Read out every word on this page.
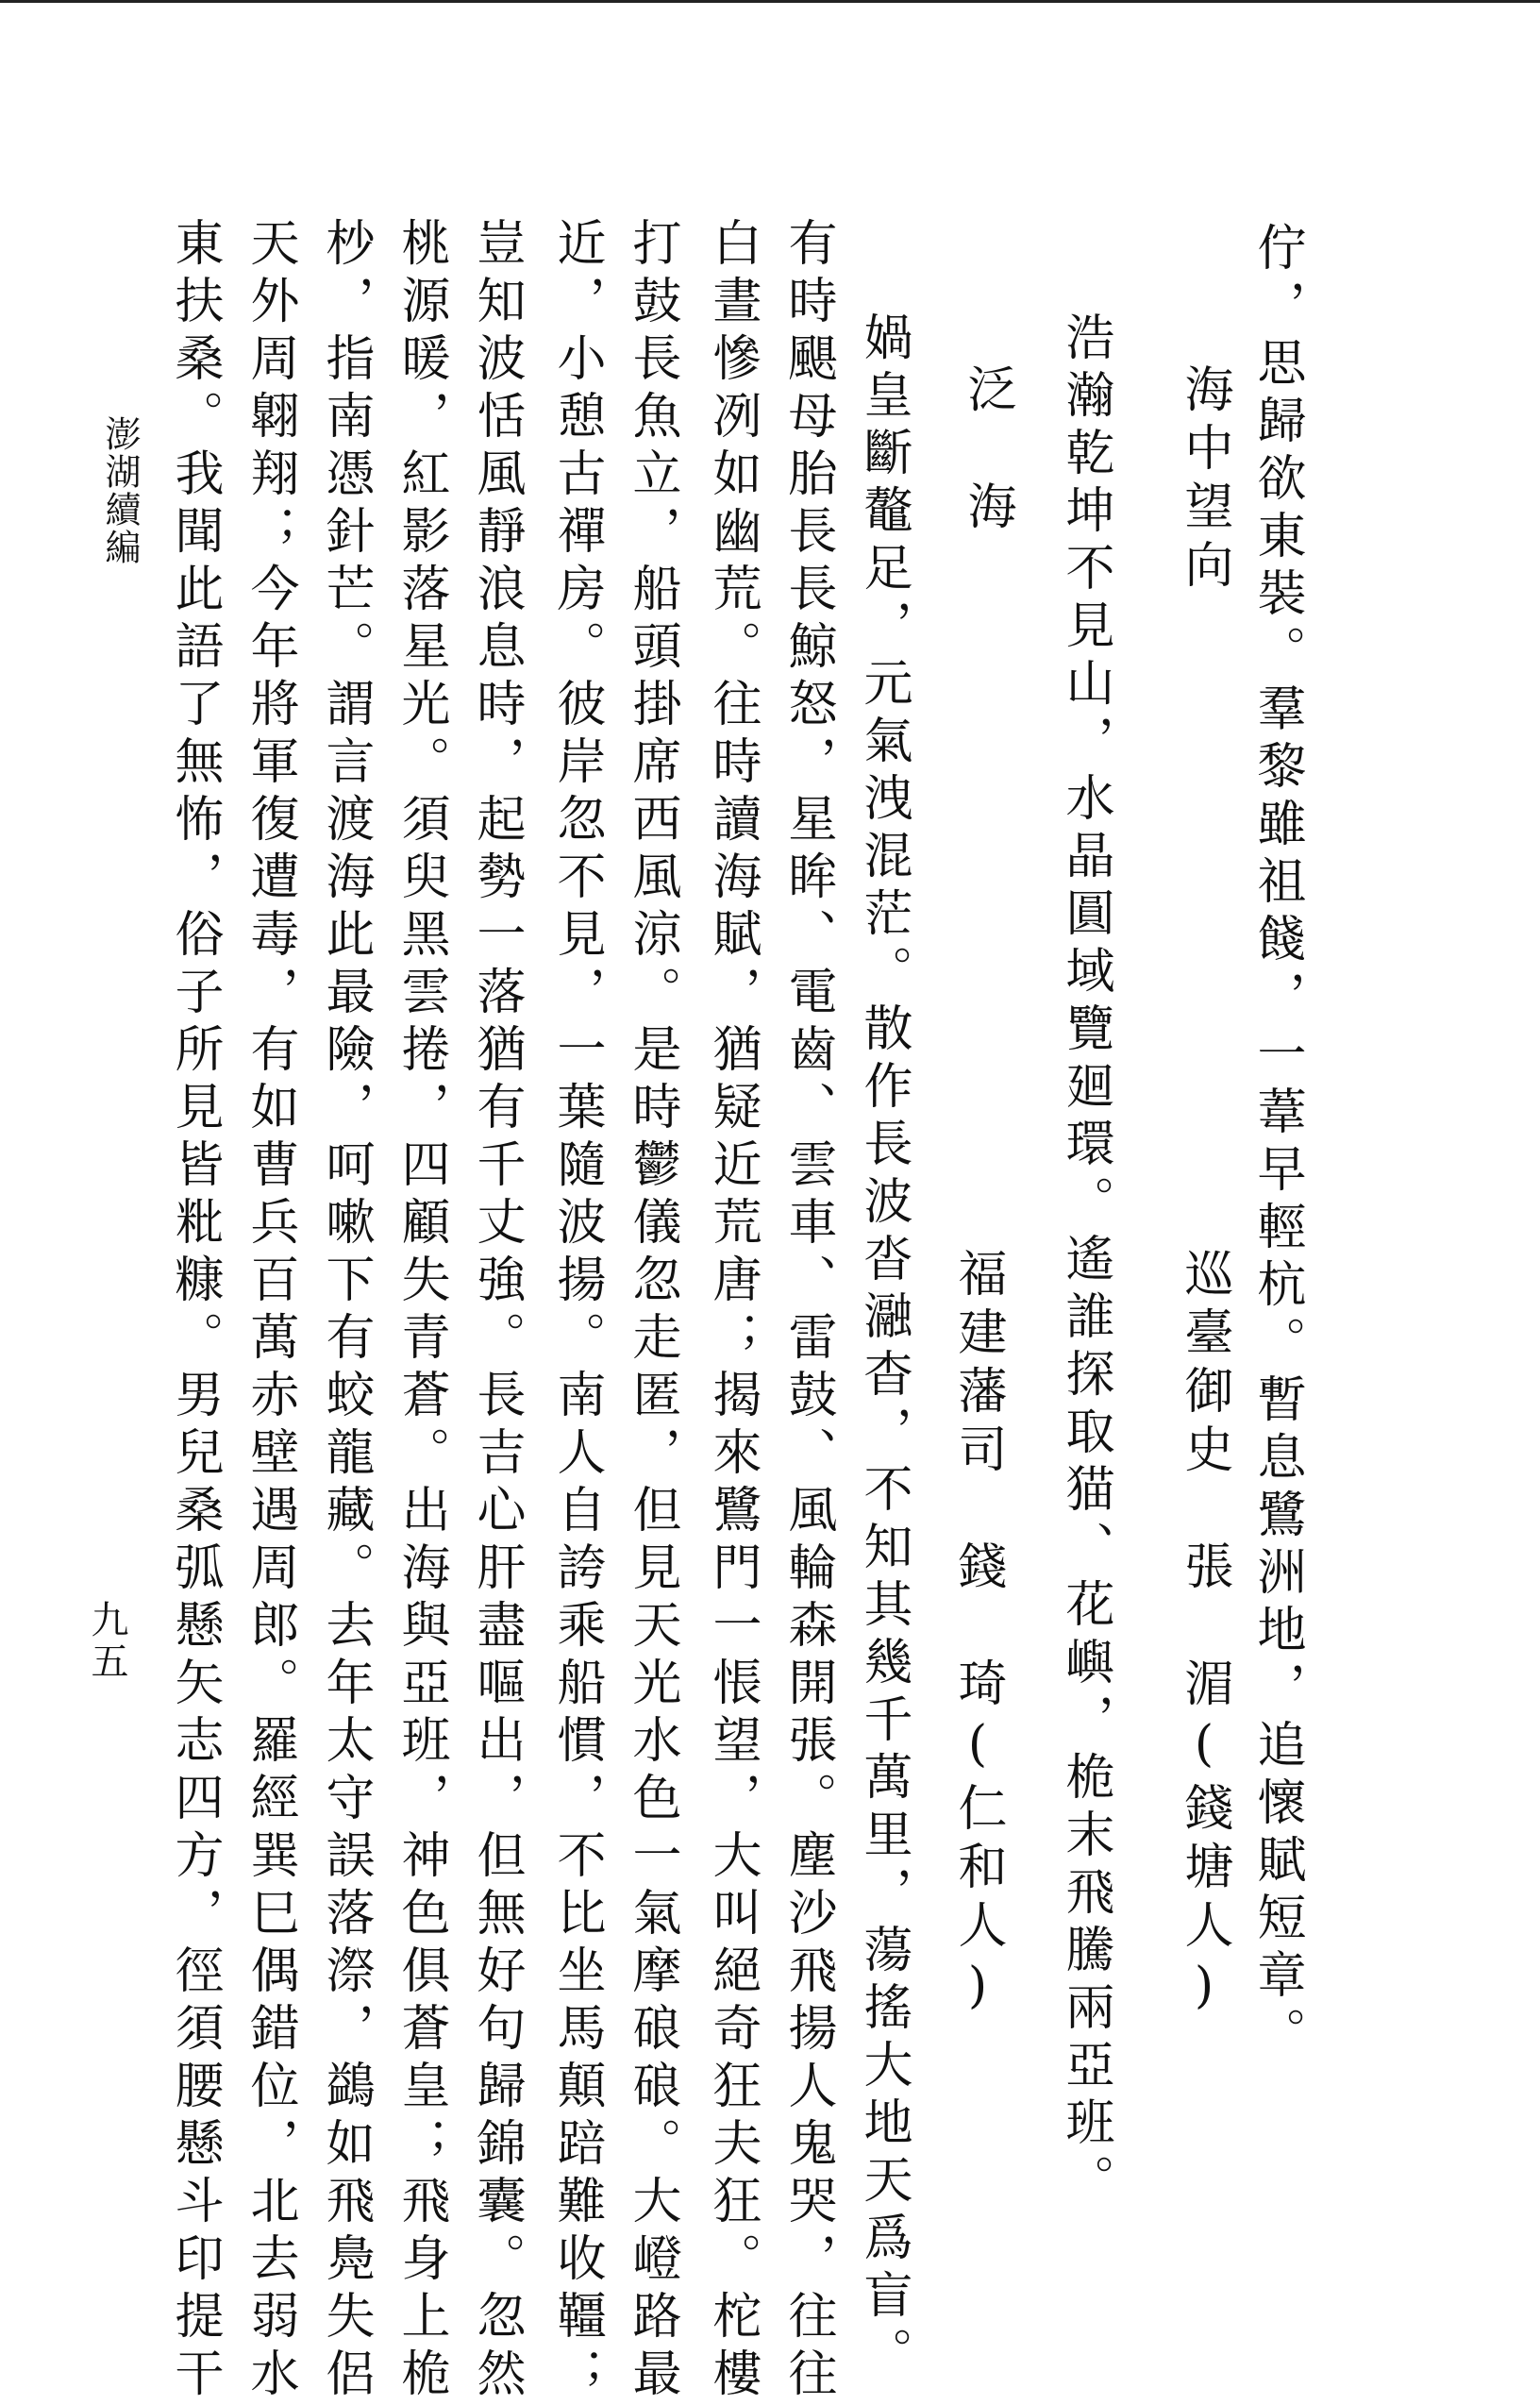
佇，思歸欲東裝。羣黎雖祖餞，一葦早輕杭。暫息鷺洲地，追懷賦短章。
海中望向
巡臺御史　張　湄(錢塘人)
浩瀚乾坤不見山，水晶圓域覽廻環。遙誰探取猫、花嶼，桅末飛騰兩亞班。
泛　海
福建藩司　錢　琦(仁和人)
媧皇斷鼇足，元氣洩混茫。散作長波沓瀜杳，不知其幾千萬里，蕩搖大地天爲盲。
有時颶母胎長長鯨怒，星眸、電齒、雲車、雷鼓、風輪森開張。塵沙飛揚人鬼哭，往往
白晝慘冽如幽荒。往時讀海賦，猶疑近荒唐；揭來鷺門一悵望，大叫絕奇狂夫狂。柁樓
打鼓長魚立，船頭掛席西風涼。是時鬱儀忽走匿，但見天光水色一氣摩硠硠。大嶝路最
近，小憩古禪房。彼岸忽不見，一葉隨波揚。南人自誇乘船慣，不比坐馬顛踣難收韁；
豈知波恬風靜浪息時，起勢一落猶有千丈強。長吉心肝盡嘔出，但無好句歸錦囊。忽然
桃源暖，紅影落星光。須臾黑雲捲，四顧失青蒼。出海與亞班，神色俱蒼皇；飛身上桅
杪，指南憑針芒。謂言渡海此最險，呵嗽下有蛟龍藏。去年太守誤落漈，鷁如飛鳧失侶
天外周翺翔；今年將軍復遭毒，有如曹兵百萬赤壁遇周郎。羅經巽巳偶錯位，北去弱水
東扶桑。我聞此語了無怖，俗子所見皆粃糠。男兒桑弧懸矢志四方，徑須腰懸斗印提干
澎湖續編
九五
